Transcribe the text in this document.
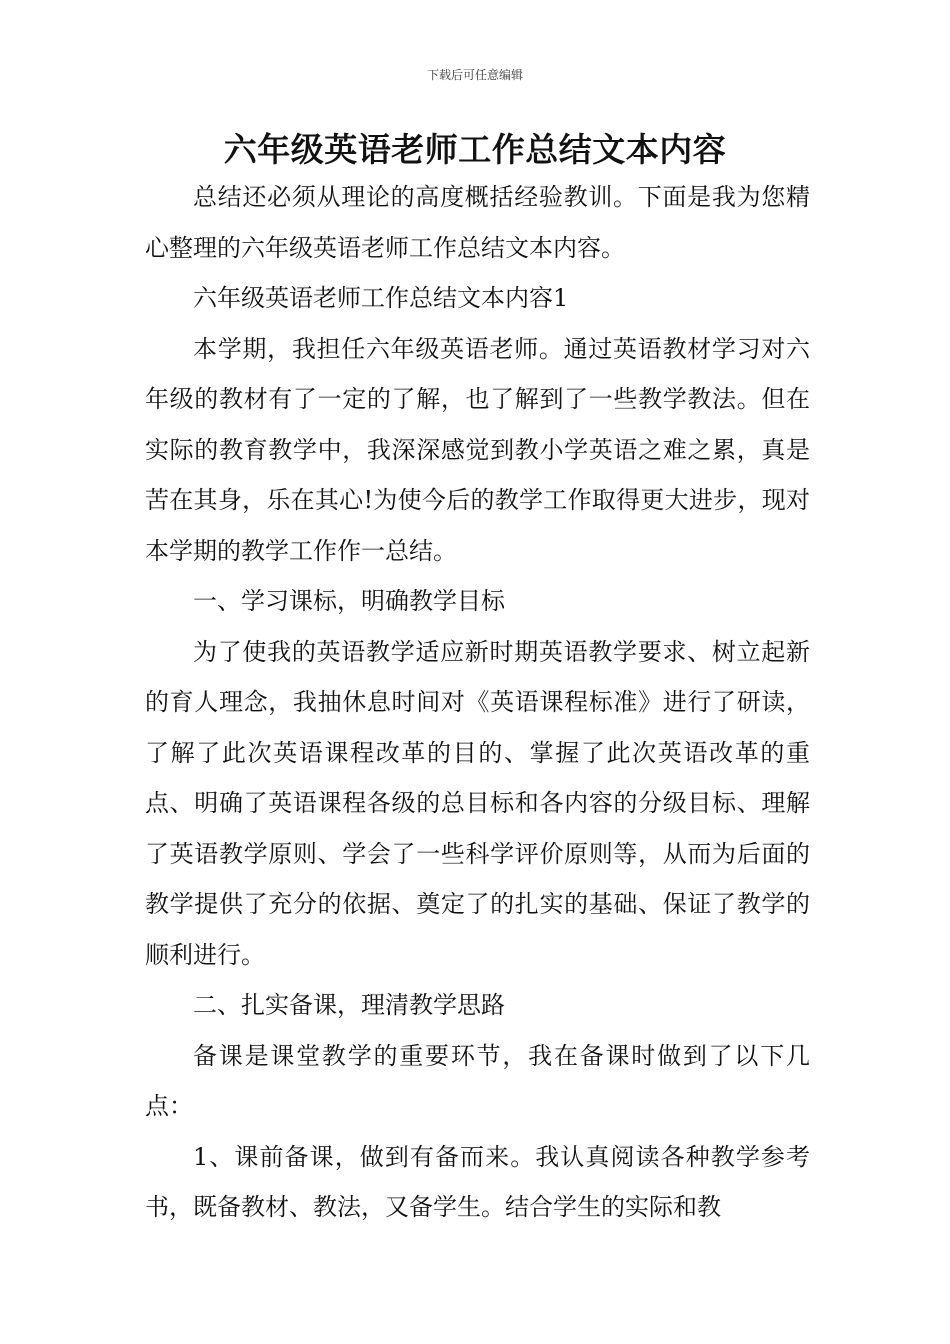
下载后可任意编辑
六年级英语老师工作总结文本内容

总结还必须从理论的高度概括经验教训。下面是我为您精心整理的六年级英语老师工作总结文本内容。

六年级英语老师工作总结文本内容1

本学期，我担任六年级英语老师。通过英语教材学习对六年级的教材有了一定的了解，也了解到了一些教学教法。但在实际的教育教学中，我深深感觉到教小学英语之难之累，真是苦在其身，乐在其心!为使今后的教学工作取得更大进步，现对本学期的教学工作作一总结。

一、学习课标，明确教学目标

为了使我的英语教学适应新时期英语教学要求、树立起新的育人理念，我抽休息时间对《英语课程标准》进行了研读，了解了此次英语课程改革的目的、掌握了此次英语改革的重点、明确了英语课程各级的总目标和各内容的分级目标、理解了英语教学原则、学会了一些科学评价原则等，从而为后面的教学提供了充分的依据、奠定了的扎实的基础、保证了教学的顺利进行。

二、扎实备课，理清教学思路

备课是课堂教学的重要环节，我在备课时做到了以下几点：

1、课前备课，做到有备而来。我认真阅读各种教学参考书，既备教材、教法，又备学生。结合学生的实际和教
